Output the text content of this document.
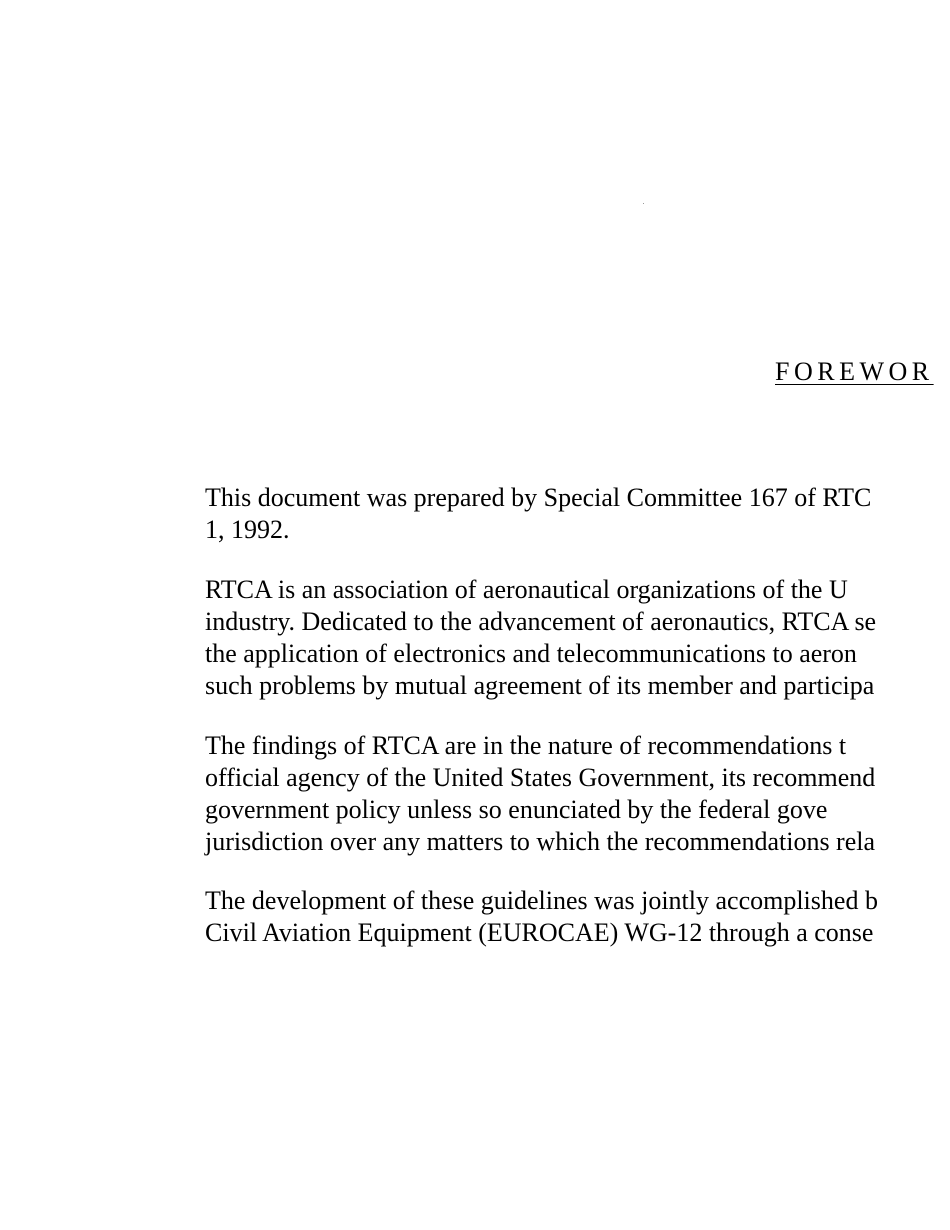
FOREWOR
This document was prepared by Special Committee 167 of RTC
1, 1992.
RTCA is an association of aeronautical organizations of the U
industry. Dedicated to the advancement of aeronautics, RTCA se
the application of electronics and telecommunications to aeron
such problems by mutual agreement of its member and participa
The findings of RTCA are in the nature of recommendations t
official agency of the United States Government, its recommend
government policy unless so enunciated by the federal gove
jurisdiction over any matters to which the recommendations rela
The development of these guidelines was jointly accomplished b
Civil Aviation Equipment (EUROCAE) WG-12 through a conse
